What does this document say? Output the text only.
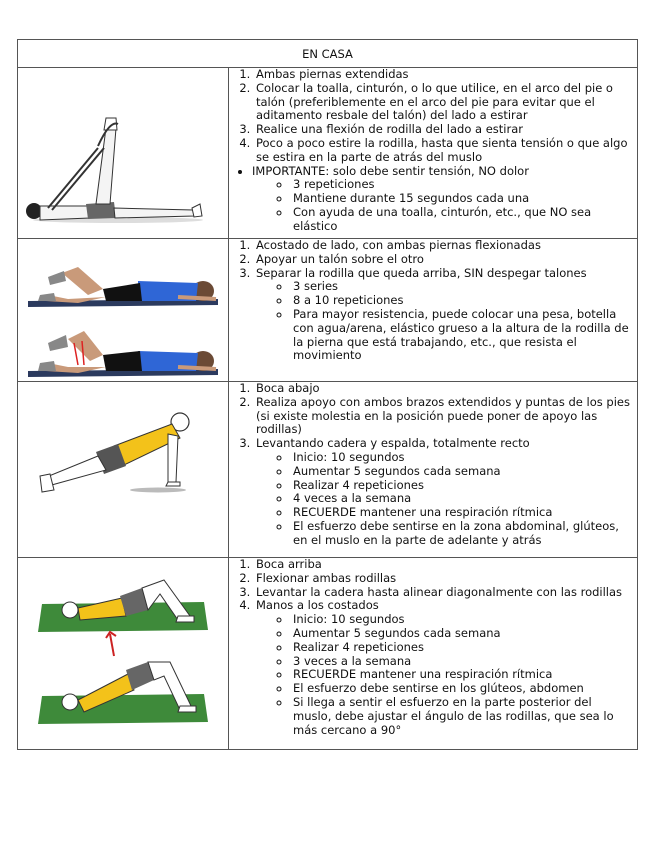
EN CASA
1. Ambas piernas extendidas
2. Colocar la toalla, cinturón, o lo que utilice, en el arco del pie o talón (preferiblemente en el arco del pie para evitar que el aditamento resbale del talón) del lado a estirar
3. Realice una flexión de rodilla del lado a estirar
4. Poco a poco estire la rodilla, hasta que sienta tensión o que algo se estira en la parte de atrás del muslo
• IMPORTANTE: solo debe sentir tensión, NO dolor
◦ 3 repeticiones
◦ Mantiene durante 15 segundos cada una
◦ Con ayuda de una toalla, cinturón, etc., que NO sea elástico
1. Acostado de lado, con ambas piernas flexionadas
2. Apoyar un talón sobre el otro
3. Separar la rodilla que queda arriba, SIN despegar talones
◦ 3 series
◦ 8 a 10 repeticiones
◦ Para mayor resistencia, puede colocar una pesa, botella con agua/arena, elástico grueso a la altura de la rodilla de la pierna que está trabajando, etc., que resista el movimiento
1. Boca abajo
2. Realiza apoyo con ambos brazos extendidos y puntas de los pies (si existe molestia en la posición puede poner de apoyo las rodillas)
3. Levantando cadera y espalda, totalmente recto
◦ Inicio: 10 segundos
◦ Aumentar 5 segundos cada semana
◦ Realizar 4 repeticiones
◦ 4 veces a la semana
◦ RECUERDE mantener una respiración rítmica
◦ El esfuerzo debe sentirse en la zona abdominal, glúteos, en el muslo en la parte de adelante y atrás
1. Boca arriba
2. Flexionar ambas rodillas
3. Levantar la cadera hasta alinear diagonalmente con las rodillas
4. Manos a los costados
◦ Inicio: 10 segundos
◦ Aumentar 5 segundos cada semana
◦ Realizar 4 repeticiones
◦ 3 veces a la semana
◦ RECUERDE mantener una respiración rítmica
◦ El esfuerzo debe sentirse en los glúteos, abdomen
◦ Si llega a sentir el esfuerzo en la parte posterior del muslo, debe ajustar el ángulo de las rodillas, que sea lo más cercano a 90°
